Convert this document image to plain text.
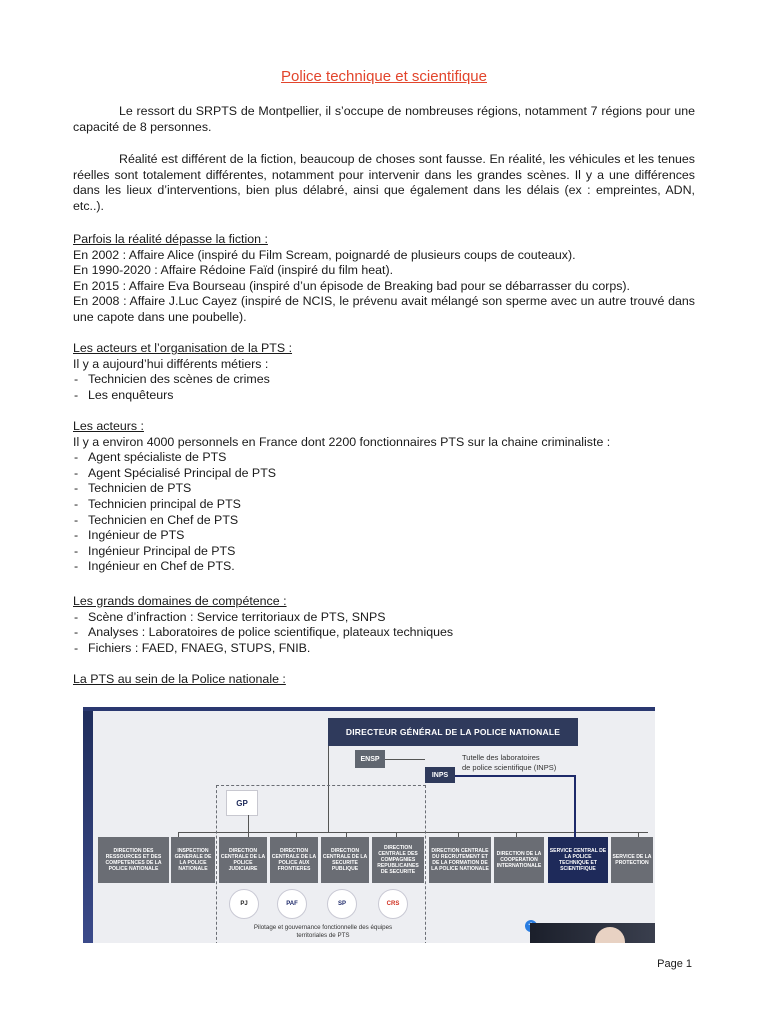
Police technique et scientifique
Le ressort du SRPTS de Montpellier, il s’occupe de nombreuses régions, notamment 7 régions pour une capacité de 8 personnes.
Réalité est différent de la fiction, beaucoup de choses sont fausse. En réalité, les véhicules et les tenues réelles sont totalement différentes, notamment pour intervenir dans les grandes scènes. Il y a une différences dans les lieux d’interventions, bien plus délabré, ainsi que également dans les délais (ex : empreintes, ADN, etc..).
Parfois la réalité dépasse la fiction :
En 2002 : Affaire Alice (inspiré du Film Scream, poignardé de plusieurs coups de couteaux).
En 1990-2020 : Affaire Rédoine Faïd (inspiré du film heat).
En 2015 : Affaire Eva Bourseau (inspiré d’un épisode de Breaking bad pour se débarrasser du corps).
En 2008 : Affaire J.Luc Cayez (inspiré de NCIS, le prévenu avait mélangé son sperme avec un autre trouvé dans une capote dans une poubelle).
Les acteurs et l’organisation de la PTS :
Il y a aujourd’hui différents métiers :
- Technicien des scènes de crimes
- Les enquêteurs
Les acteurs :
Il y a environ 4000 personnels en France dont 2200 fonctionnaires PTS sur la chaine criminaliste :
- Agent spécialiste de PTS
- Agent Spécialisé Principal de PTS
- Technicien de PTS
- Technicien principal de PTS
- Technicien en Chef de PTS
- Ingénieur de PTS
- Ingénieur Principal de PTS
- Ingénieur en Chef de PTS.
Les grands domaines de compétence :
- Scène d’infraction : Service territoriaux de PTS, SNPS
- Analyses : Laboratoires de police scientifique, plateaux techniques
- Fichiers : FAED, FNAEG, STUPS, FNIB.
La PTS au sein de la Police nationale :
DIRECTEUR GÉNÉRAL DE LA POLICE NATIONALE
ENSP
INPS
Tutelle des laboratoires
de police scientifique (INPS)
GP
DIRECTION DES RESSOURCES ET DES COMPETENCES DE LA POLICE NATIONALE
INSPECTION GENERALE DE LA POLICE NATIONALE
DIRECTION CENTRALE DE LA POLICE JUDICIAIRE
DIRECTION CENTRALE DE LA POLICE AUX FRONTIERES
DIRECTION CENTRALE DE LA SECURITE PUBLIQUE
DIRECTION CENTRALE DES COMPAGNIES REPUBLICAINES DE SECURITE
DIRECTION CENTRALE DU RECRUTEMENT ET DE LA FORMATION DE LA POLICE NATIONALE
DIRECTION DE LA COOPERATION INTERNATIONALE
SERVICE CENTRAL DE LA POLICE TECHNIQUE ET SCIENTIFIQUE
SERVICE DE LA PROTECTION
PJ	PAF	SP	CRS
Pilotage et gouvernance fonctionnelle des équipes
territoriales de PTS
Page 1
